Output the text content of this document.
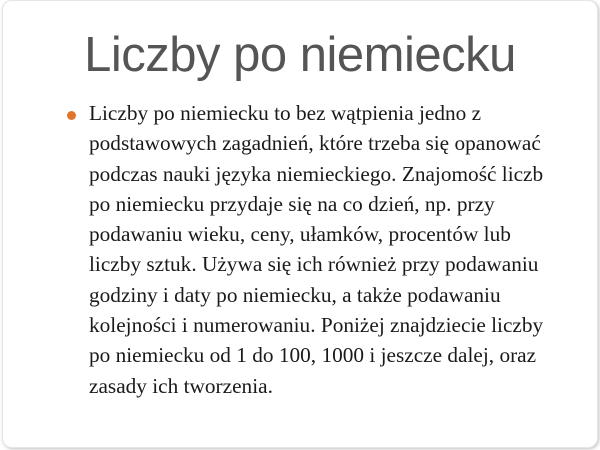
Liczby po niemiecku

Liczby po niemiecku to bez wątpienia jedno z podstawowych zagadnień, które trzeba się opanować podczas nauki języka niemieckiego. Znajomość liczb po niemiecku przydaje się na co dzień, np. przy podawaniu wieku, ceny, ułamków, procentów lub liczby sztuk. Używa się ich również przy podawaniu godziny i daty po niemiecku, a także podawaniu kolejności i numerowaniu. Poniżej znajdziecie liczby po niemiecku od 1 do 100, 1000 i jeszcze dalej, oraz zasady ich tworzenia.
